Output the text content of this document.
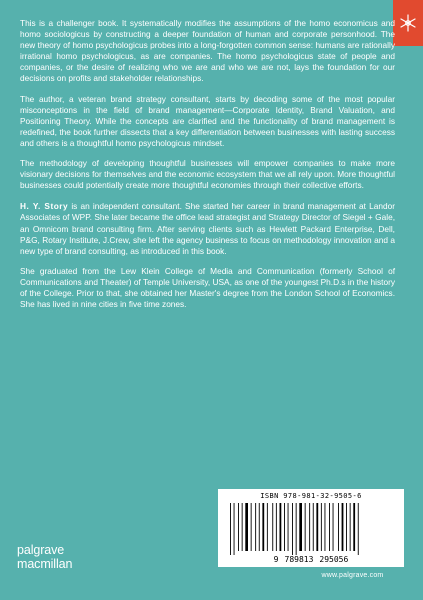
This is a challenger book. It systematically modifies the assumptions of the homo economicus and homo sociologicus by constructing a deeper foundation of human and corporate personhood. The new theory of homo psychologicus probes into a long-forgotten common sense: humans are rationally irrational homo psychologicus, as are companies. The homo psychologicus state of people and companies, or the desire of realizing who we are and who we are not, lays the foundation for our decisions on profits and stakeholder relationships.

The author, a veteran brand strategy consultant, starts by decoding some of the most popular misconceptions in the field of brand management—Corporate Identity, Brand Valuation, and Positioning Theory. While the concepts are clarified and the functionality of brand management is redefined, the book further dissects that a key differentiation between businesses with lasting success and others is a thoughtful homo psychologicus mindset.

The methodology of developing thoughtful businesses will empower companies to make more visionary decisions for themselves and the economic ecosystem that we all rely upon. More thoughtful businesses could potentially create more thoughtful economies through their collective efforts.

H. Y. Story is an independent consultant. She started her career in brand management at Landor Associates of WPP. She later became the office lead strategist and Strategy Director of Siegel + Gale, an Omnicom brand consulting firm. After serving clients such as Hewlett Packard Enterprise, Dell, P&G, Rotary Institute, J.Crew, she left the agency business to focus on methodology innovation and a new type of brand consulting, as introduced in this book.

She graduated from the Lew Klein College of Media and Communication (formerly School of Communications and Theater) of Temple University, USA, as one of the youngest Ph.D.s in the history of the College. Prior to that, she obtained her Master's degree from the London School of Economics. She has lived in nine cities in five time zones.

ISBN 978-981-32-9505-6
9 789813 295056
www.palgrave.com
palgrave
macmillan
